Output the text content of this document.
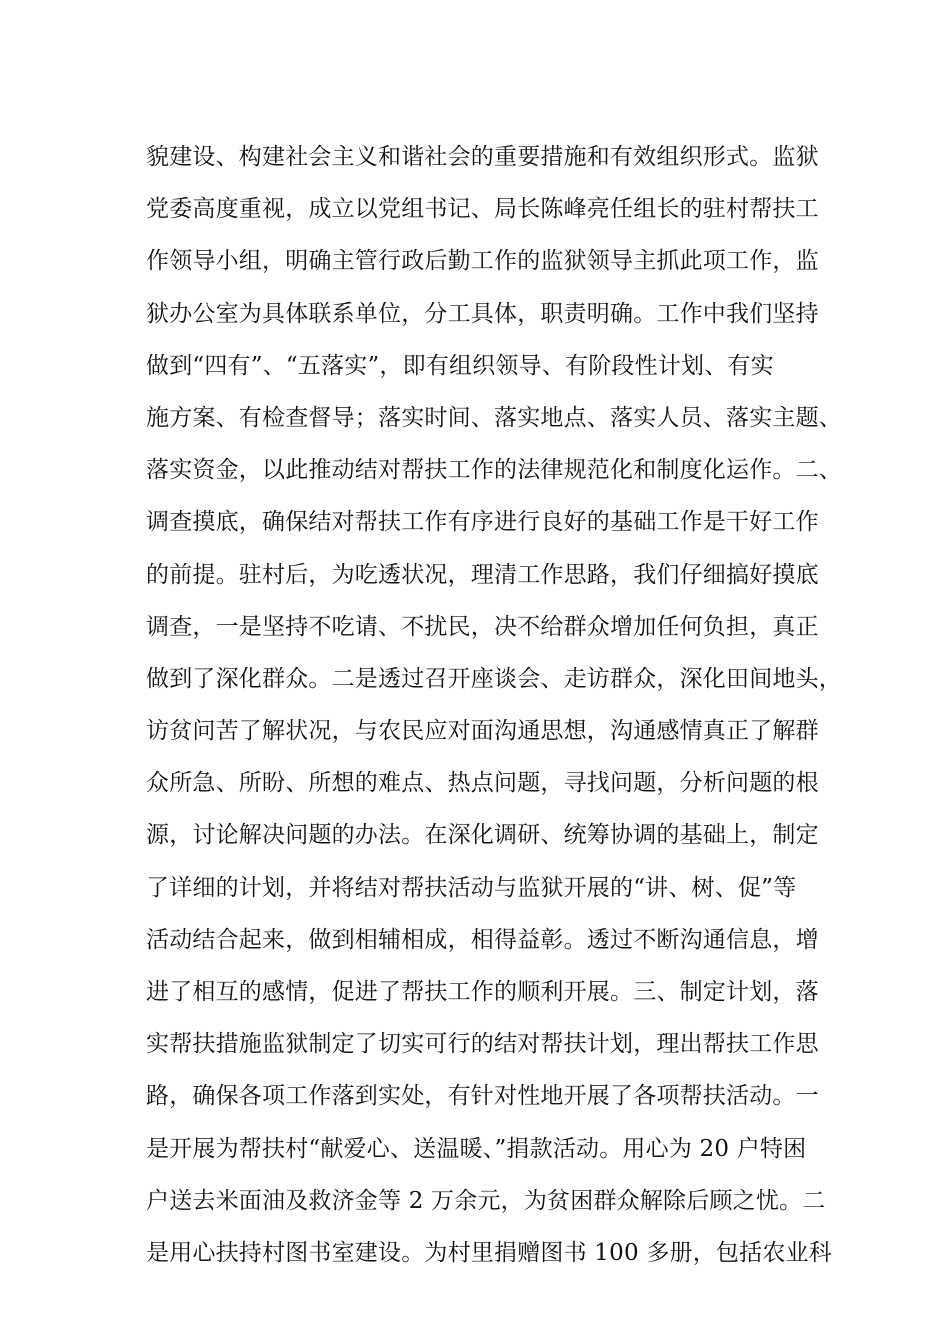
貌建设、构建社会主义和谐社会的重要措施和有效组织形式。监狱
党委高度重视，成立以党组书记、局长陈峰亮任组长的驻村帮扶工
作领导小组，明确主管行政后勤工作的监狱领导主抓此项工作，监
狱办公室为具体联系单位，分工具体，职责明确。工作中我们坚持
做到“四有”、“五落实”，即有组织领导、有阶段性计划、有实
施方案、有检查督导；落实时间、落实地点、落实人员、落实主题、
落实资金，以此推动结对帮扶工作的法律规范化和制度化运作。二、
调查摸底，确保结对帮扶工作有序进行良好的基础工作是干好工作
的前提。驻村后，为吃透状况，理清工作思路，我们仔细搞好摸底
调查，一是坚持不吃请、不扰民，决不给群众增加任何负担，真正
做到了深化群众。二是透过召开座谈会、走访群众，深化田间地头，
访贫问苦了解状况，与农民应对面沟通思想，沟通感情真正了解群
众所急、所盼、所想的难点、热点问题，寻找问题，分析问题的根
源，讨论解决问题的办法。在深化调研、统筹协调的基础上，制定
了详细的计划，并将结对帮扶活动与监狱开展的“讲、树、促”等
活动结合起来，做到相辅相成，相得益彰。透过不断沟通信息，增
进了相互的感情，促进了帮扶工作的顺利开展。三、制定计划，落
实帮扶措施监狱制定了切实可行的结对帮扶计划，理出帮扶工作思
路，确保各项工作落到实处，有针对性地开展了各项帮扶活动。一
是开展为帮扶村“献爱心、送温暖、”捐款活动。用心为 20 户特困
户送去米面油及救济金等 2 万余元，为贫困群众解除后顾之忧。二
是用心扶持村图书室建设。为村里捐赠图书 100 多册，包括农业科
